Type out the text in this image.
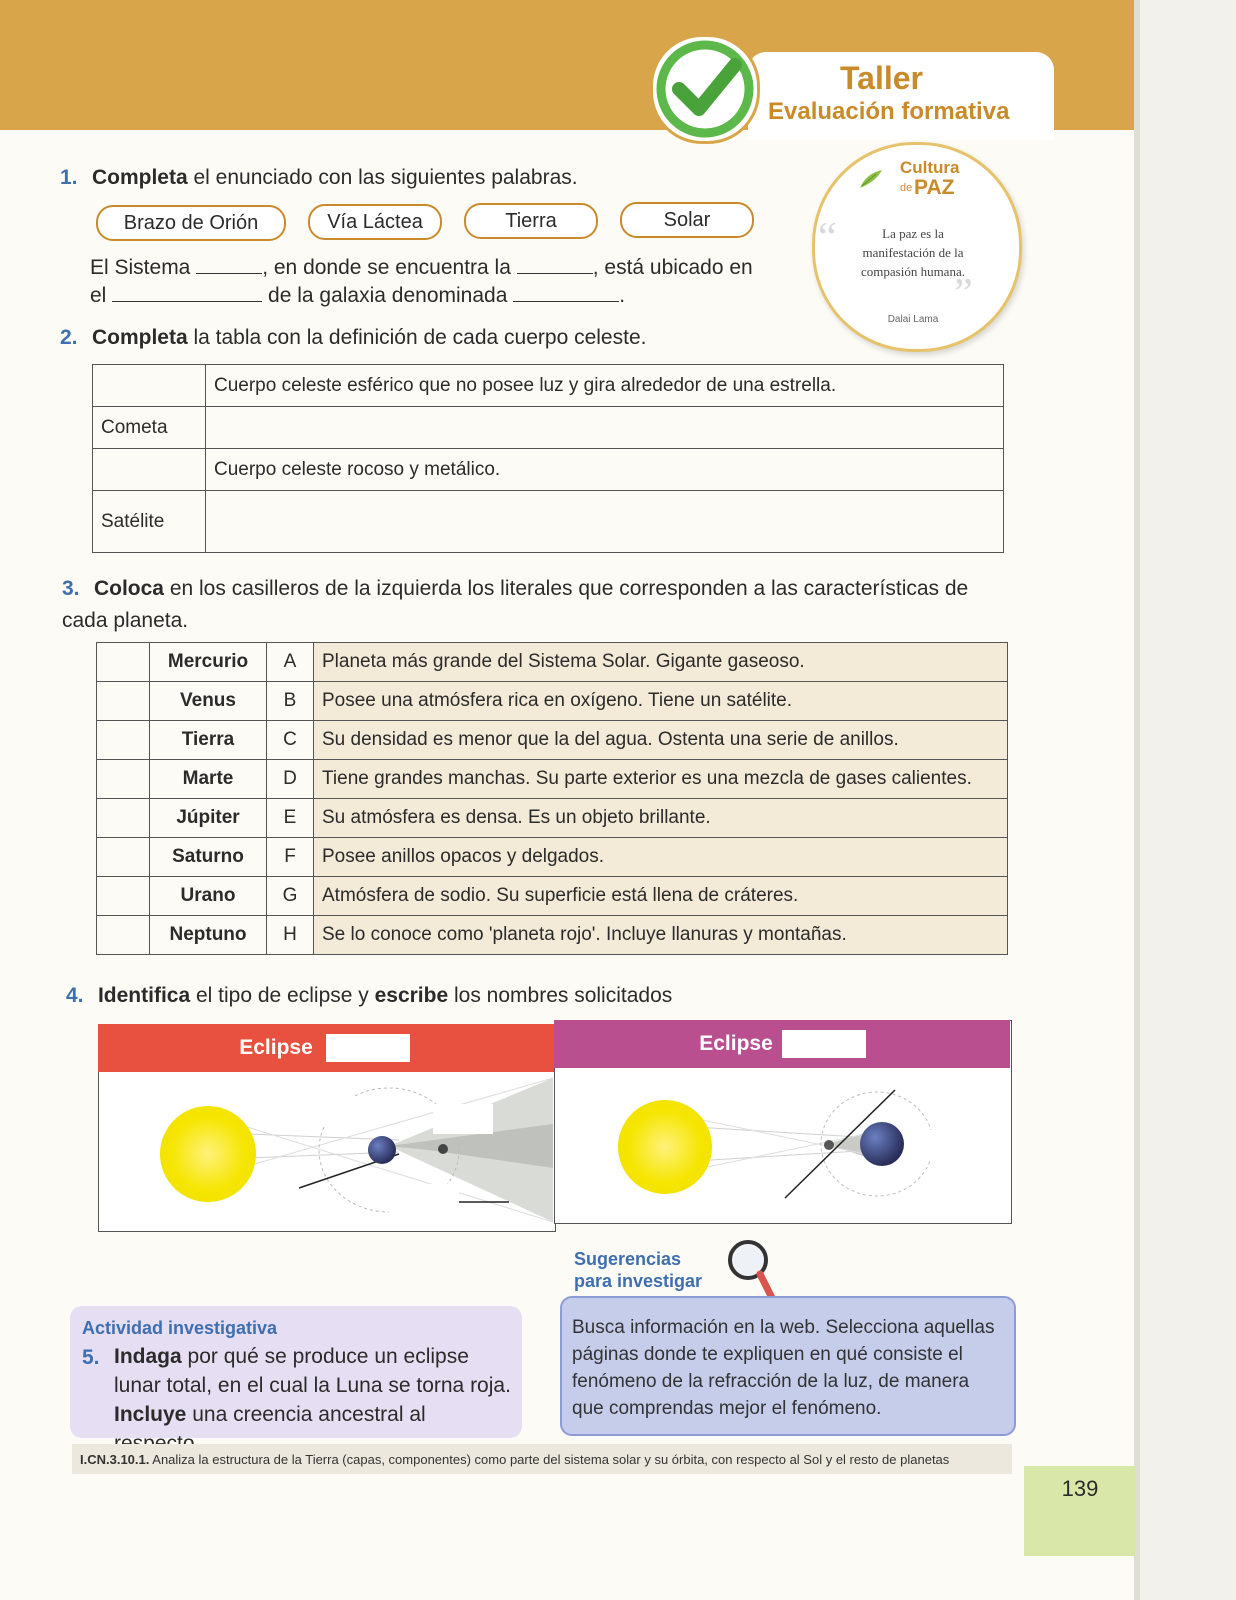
Taller
Evaluación formativa
Cultura
de PAZ
“
”
La paz es la manifestación de la compasión humana.
Dalai Lama
1. Completa el enunciado con las siguientes palabras.
Brazo de Orión	Vía Láctea	Tierra	Solar
El Sistema	, en donde se encuentra la	, está ubicado en
el	de la galaxia denominada	.
2. Completa la tabla con la definición de cada cuerpo celeste.
	Cuerpo celeste esférico que no posee luz y gira alrededor de una estrella.
Cometa	
	Cuerpo celeste rocoso y metálico.
Satélite	
3. Coloca en los casilleros de la izquierda los literales que corresponden a las características de cada planeta.
	Mercurio	A	Planeta más grande del Sistema Solar. Gigante gaseoso.
	Venus	B	Posee una atmósfera rica en oxígeno. Tiene un satélite.
	Tierra	C	Su densidad es menor que la del agua. Ostenta una serie de anillos.
	Marte	D	Tiene grandes manchas. Su parte exterior es una mezcla de gases calientes.
	Júpiter	E	Su atmósfera es densa. Es un objeto brillante.
	Saturno	F	Posee anillos opacos y delgados.
	Urano	G	Atmósfera de sodio. Su superficie está llena de cráteres.
	Neptuno	H	Se lo conoce como 'planeta rojo'. Incluye llanuras y montañas.
4. Identifica el tipo de eclipse y escribe los nombres solicitados
Eclipse	Eclipse
Sugerencias
para investigar
Busca información en la web. Selecciona aquellas páginas donde te expliquen en qué consiste el fenómeno de la refracción de la luz, de manera que comprendas mejor el fenómeno.
Actividad investigativa
5. Indaga por qué se produce un eclipse lunar total, en el cual la Luna se torna roja. Incluye una creencia ancestral al
I.CN.3.10.1. Analiza la estructura de la Tierra (capas, componentes) como parte del sistema solar y su órbita, con respecto al Sol y el resto de planetas
139
